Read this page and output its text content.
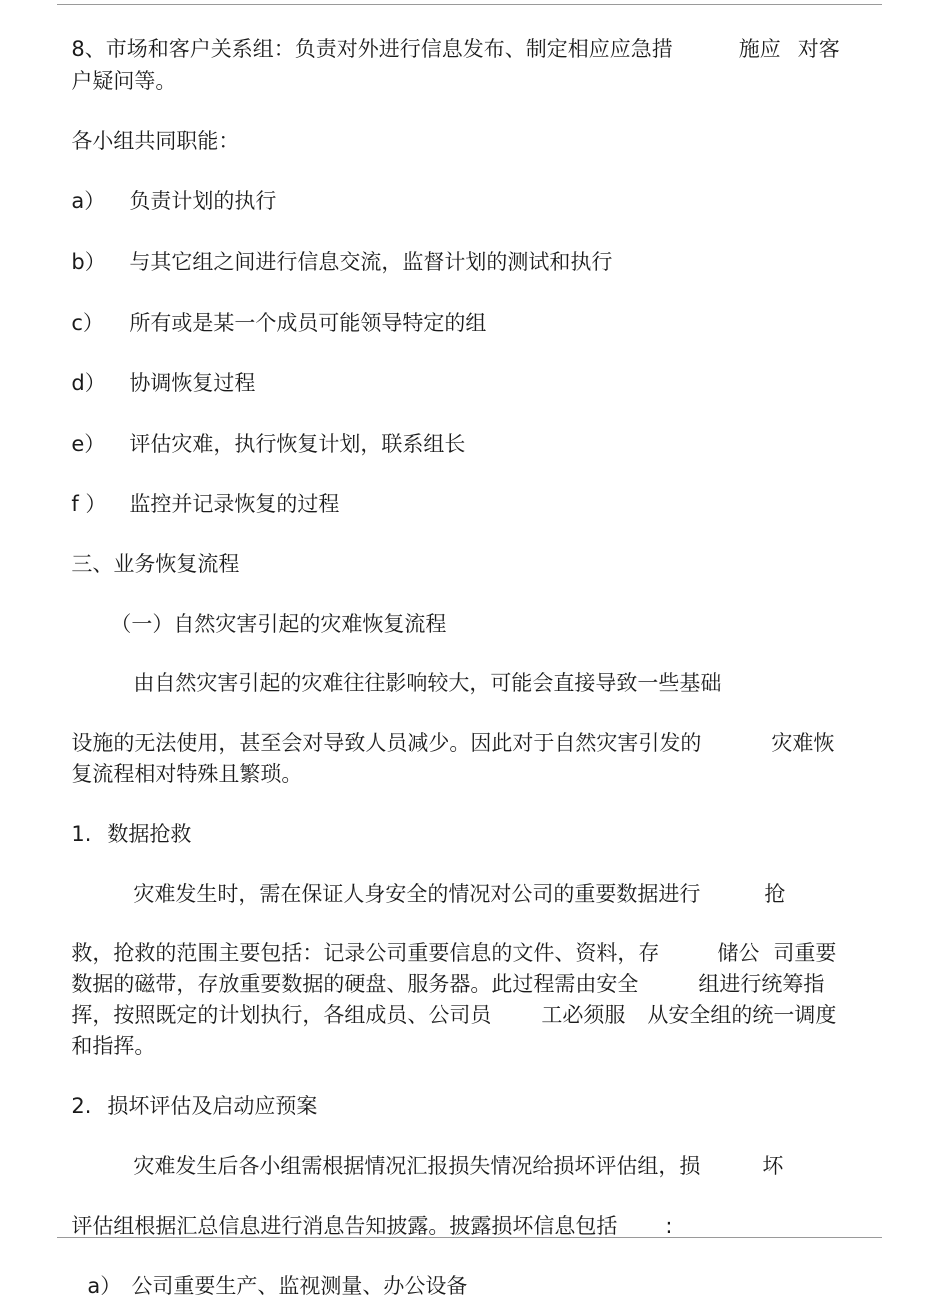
8、市场和客户关系组：负责对外进行信息发布、制定相应应急措	施应 对客

户疑问等。

各小组共同职能：

a） 负责计划的执行

b） 与其它组之间进行信息交流，监督计划的测试和执行

c） 所有或是某一个成员可能领导特定的组

d） 协调恢复过程

e） 评估灾难，执行恢复计划，联系组长

f ） 监控并记录恢复的过程

三、业务恢复流程

（一）自然灾害引起的灾难恢复流程

由自然灾害引起的灾难往往影响较大，可能会直接导致一些基础

设施的无法使用，甚至会对导致人员减少。因此对于自然灾害引发的	灾难恢

复流程相对特殊且繁琐。

1. 数据抢救

灾难发生时，需在保证人身安全的情况对公司的重要数据进行	抢

救，抢救的范围主要包括：记录公司重要信息的文件、资料，存	储公 司重要

数据的磁带，存放重要数据的硬盘、服务器。此过程需由安全	组进行统筹指

挥，按照既定的计划执行，各组成员、公司员 工必须服 从安全组的统一调度

和指挥。

2. 损坏评估及启动应预案

灾难发生后各小组需根据情况汇报损失情况给损坏评估组，损	坏

评估组根据汇总信息进行消息告知披露。披露损坏信息包括 :

a） 公司重要生产、监视测量、办公设备
